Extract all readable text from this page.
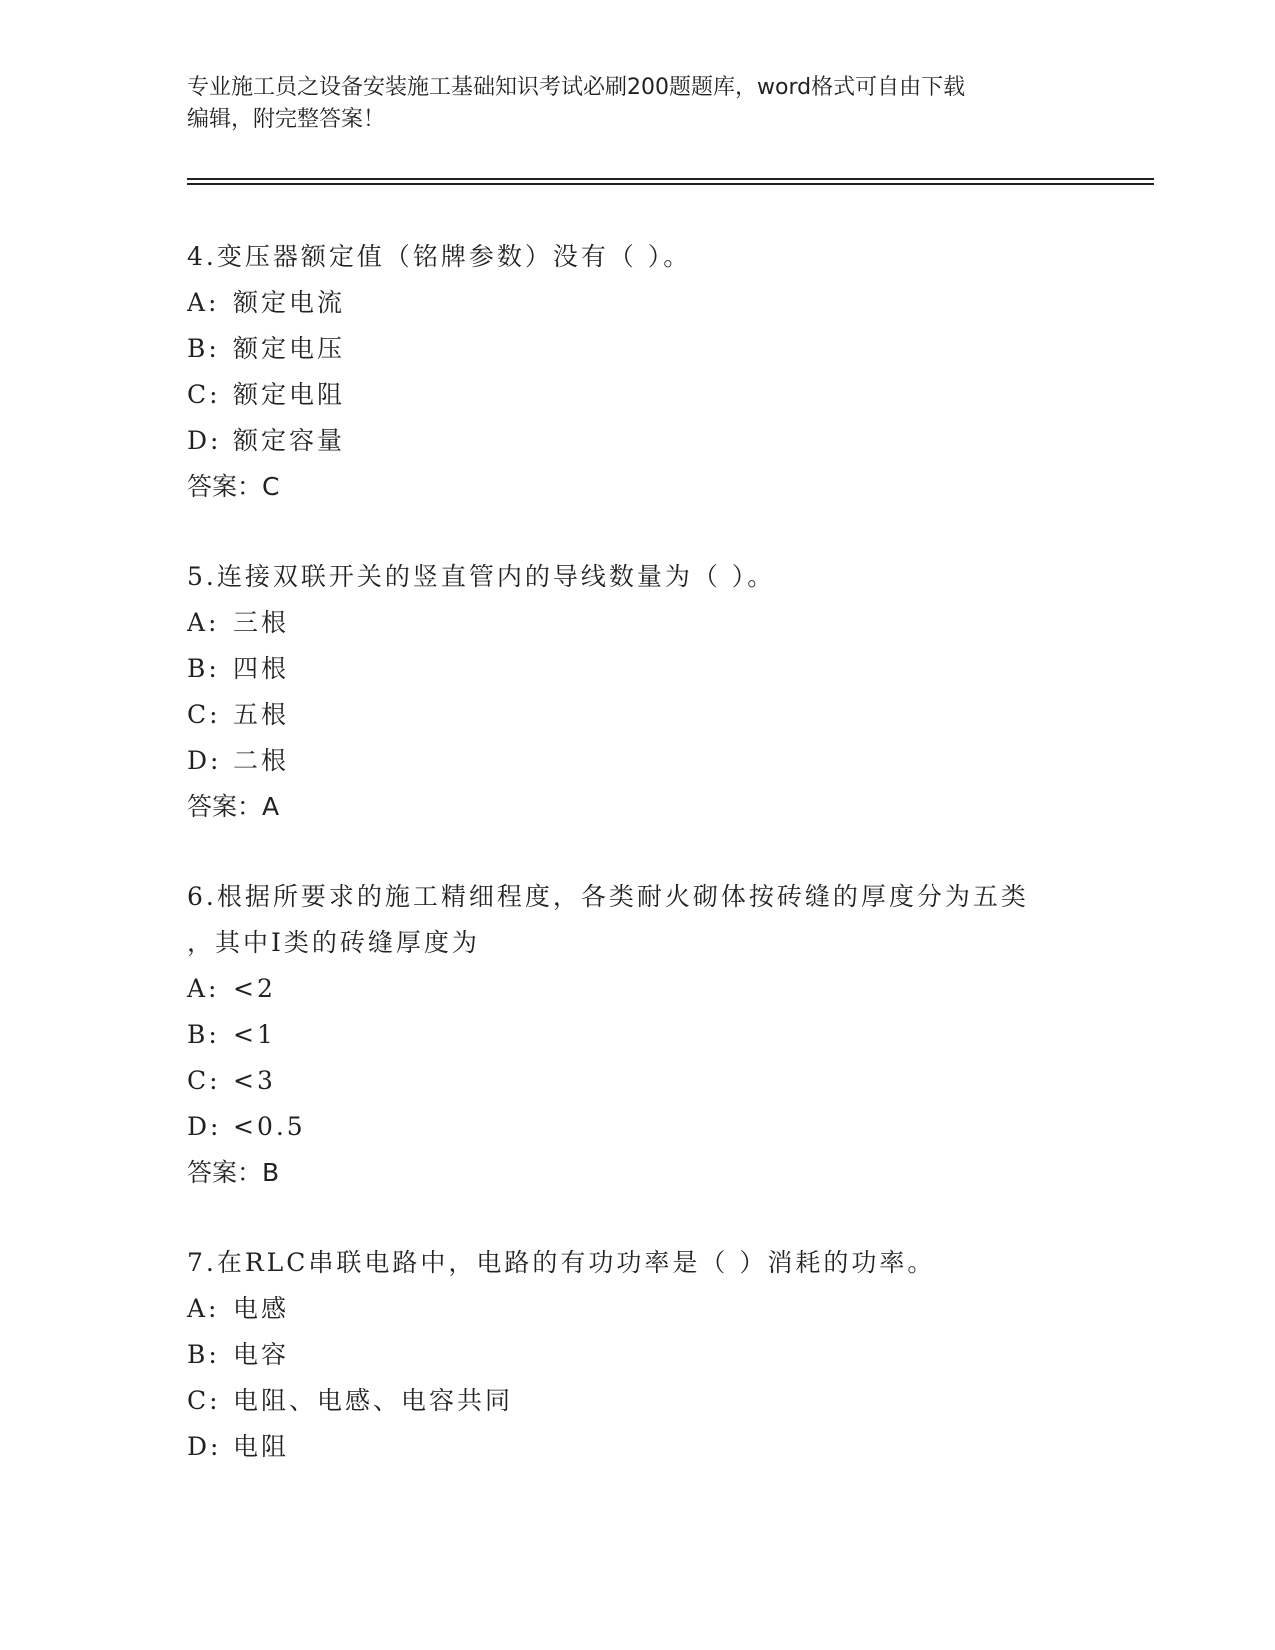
专业施工员之设备安装施工基础知识考试必刷200题题库，word格式可自由下载
编辑，附完整答案！
4.变压器额定值（铭牌参数）没有（ ）。
A: 额定电流
B: 额定电压
C: 额定电阻
D: 额定容量
答案：C
5.连接双联开关的竖直管内的导线数量为（ ）。
A: 三根
B: 四根
C: 五根
D: 二根
答案：A
6.根据所要求的施工精细程度，各类耐火砌体按砖缝的厚度分为五类
，其中Ⅰ类的砖缝厚度为
A: <2
B: <1
C: <3
D: <0.5
答案：B
7.在RLC串联电路中，电路的有功功率是（ ）消耗的功率。
A: 电感
B: 电容
C: 电阻、电感、电容共同
D: 电阻
